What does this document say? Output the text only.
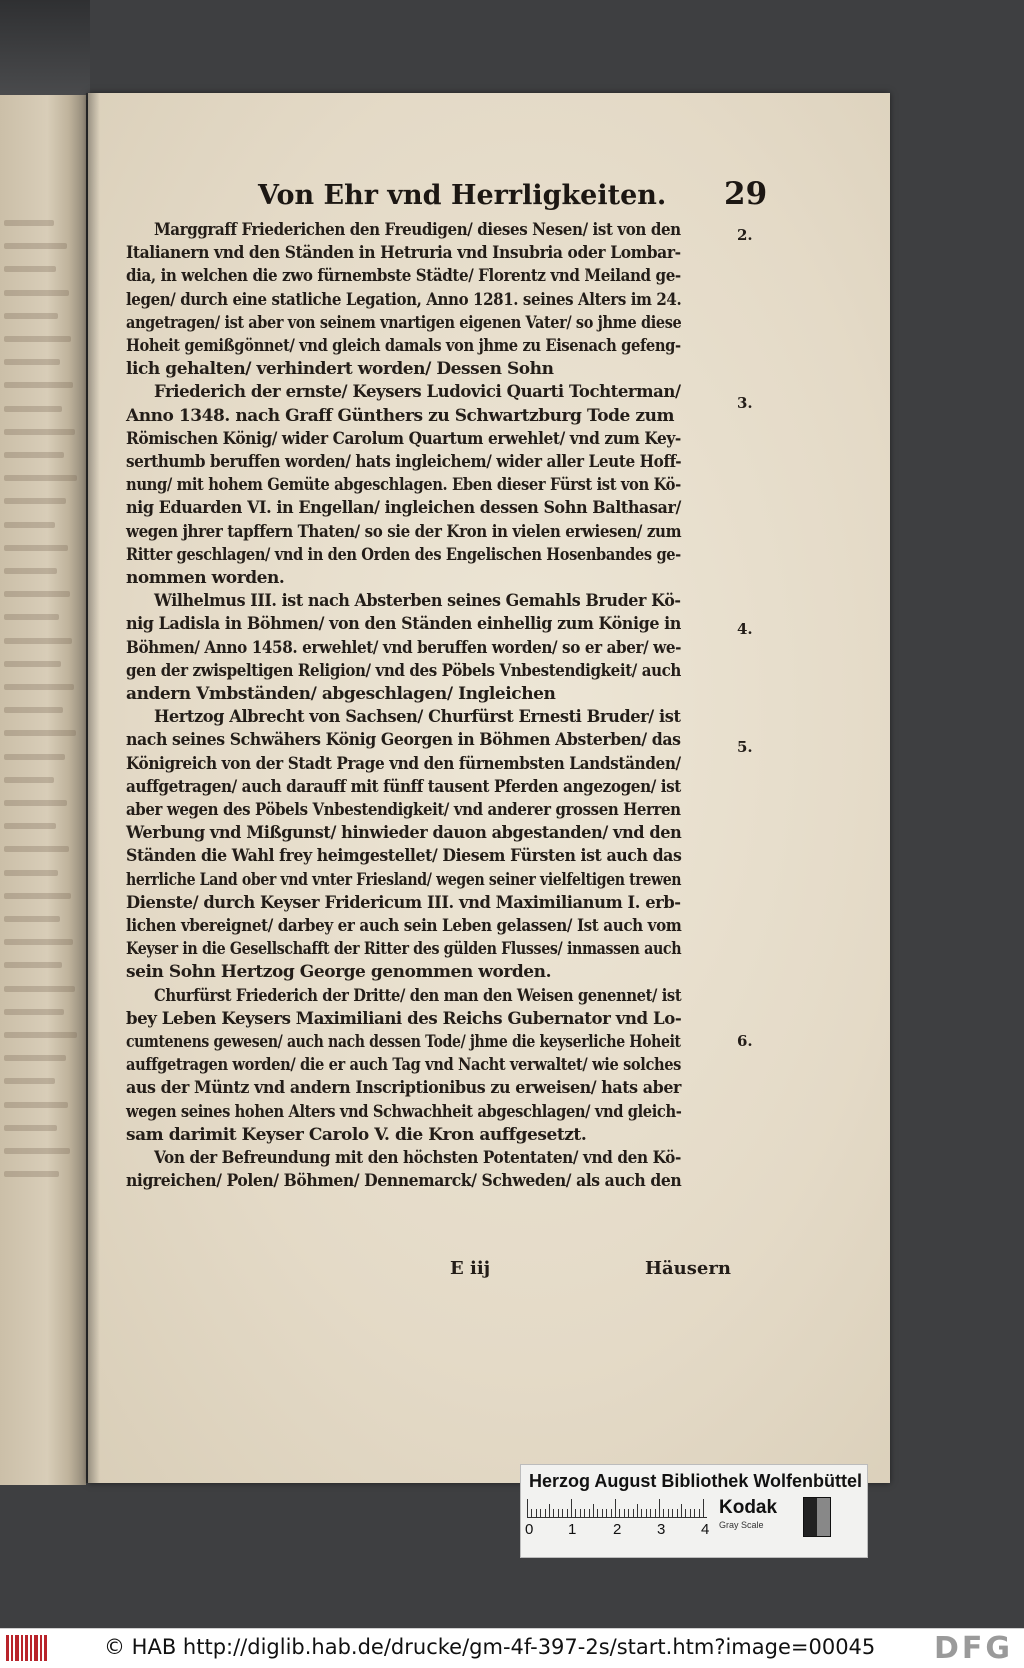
Von Ehr vnd Herrligkeiten. 29
Marggraff Friederichen den Freudigen/ dieses Nesen/ ist von den
Italianern vnd den Ständen in Hetruria vnd Insubria oder Lombar-
dia, in welchen die zwo fürnembste Städte/ Florentz vnd Meiland ge-
legen/ durch eine statliche Legation, Anno 1281. seines Alters im 24.
angetragen/ ist aber von seinem vnartigen eigenen Vater/ so jhme diese
Hoheit gemißgönnet/ vnd gleich damals von jhme zu Eisenach gefeng-
lich gehalten/ verhindert worden/ Dessen Sohn
Friederich der ernste/ Keysers Ludovici Quarti Tochterman/
Anno 1348. nach Graff Günthers zu Schwartzburg Tode zum
Römischen König/ wider Carolum Quartum erwehlet/ vnd zum Key-
serthumb beruffen worden/ hats ingleichem/ wider aller Leute Hoff-
nung/ mit hohem Gemüte abgeschlagen. Eben dieser Fürst ist von Kö-
nig Eduarden VI. in Engellan/ ingleichen dessen Sohn Balthasar/
wegen jhrer tapffern Thaten/ so sie der Kron in vielen erwiesen/ zum
Ritter geschlagen/ vnd in den Orden des Engelischen Hosenbandes ge-
nommen worden.
Wilhelmus III. ist nach Absterben seines Gemahls Bruder Kö-
nig Ladisla in Böhmen/ von den Ständen einhellig zum Könige in
Böhmen/ Anno 1458. erwehlet/ vnd beruffen worden/ so er aber/ we-
gen der zwispeltigen Religion/ vnd des Pöbels Vnbestendigkeit/ auch
andern Vmbständen/ abgeschlagen/ Ingleichen
Hertzog Albrecht von Sachsen/ Churfürst Ernesti Bruder/ ist
nach seines Schwähers König Georgen in Böhmen Absterben/ das
Königreich von der Stadt Prage vnd den fürnembsten Landständen/
auffgetragen/ auch darauff mit fünff tausent Pferden angezogen/ ist
aber wegen des Pöbels Vnbestendigkeit/ vnd anderer grossen Herren
Werbung vnd Mißgunst/ hinwieder dauon abgestanden/ vnd den
Ständen die Wahl frey heimgestellet/ Diesem Fürsten ist auch das
herrliche Land ober vnd vnter Friesland/ wegen seiner vielfeltigen trewen
Dienste/ durch Keyser Fridericum III. vnd Maximilianum I. erb-
lichen vbereignet/ darbey er auch sein Leben gelassen/ Ist auch vom
Keyser in die Gesellschafft der Ritter des gülden Flusses/ inmassen auch
sein Sohn Hertzog George genommen worden.
Churfürst Friederich der Dritte/ den man den Weisen genennet/ ist
bey Leben Keysers Maximiliani des Reichs Gubernator vnd Lo-
cumtenens gewesen/ auch nach dessen Tode/ jhme die keyserliche Hoheit
auffgetragen worden/ die er auch Tag vnd Nacht verwaltet/ wie solches
aus der Müntz vnd andern Inscriptionibus zu erweisen/ hats aber
wegen seines hohen Alters vnd Schwachheit abgeschlagen/ vnd gleich-
sam darimit Keyser Carolo V. die Kron auffgesetzt.
Von der Befreundung mit den höchsten Potentaten/ vnd den Kö-
nigreichen/ Polen/ Böhmen/ Dennemarck/ Schweden/ als auch den
2.
3.
4.
5.
6.
E iij	Häusern
Herzog August Bibliothek Wolfenbüttel
0 1 2 3 4
Kodak
Gray Scale
© HAB http://diglib.hab.de/drucke/gm-4f-397-2s/start.htm?image=00045 DFG
